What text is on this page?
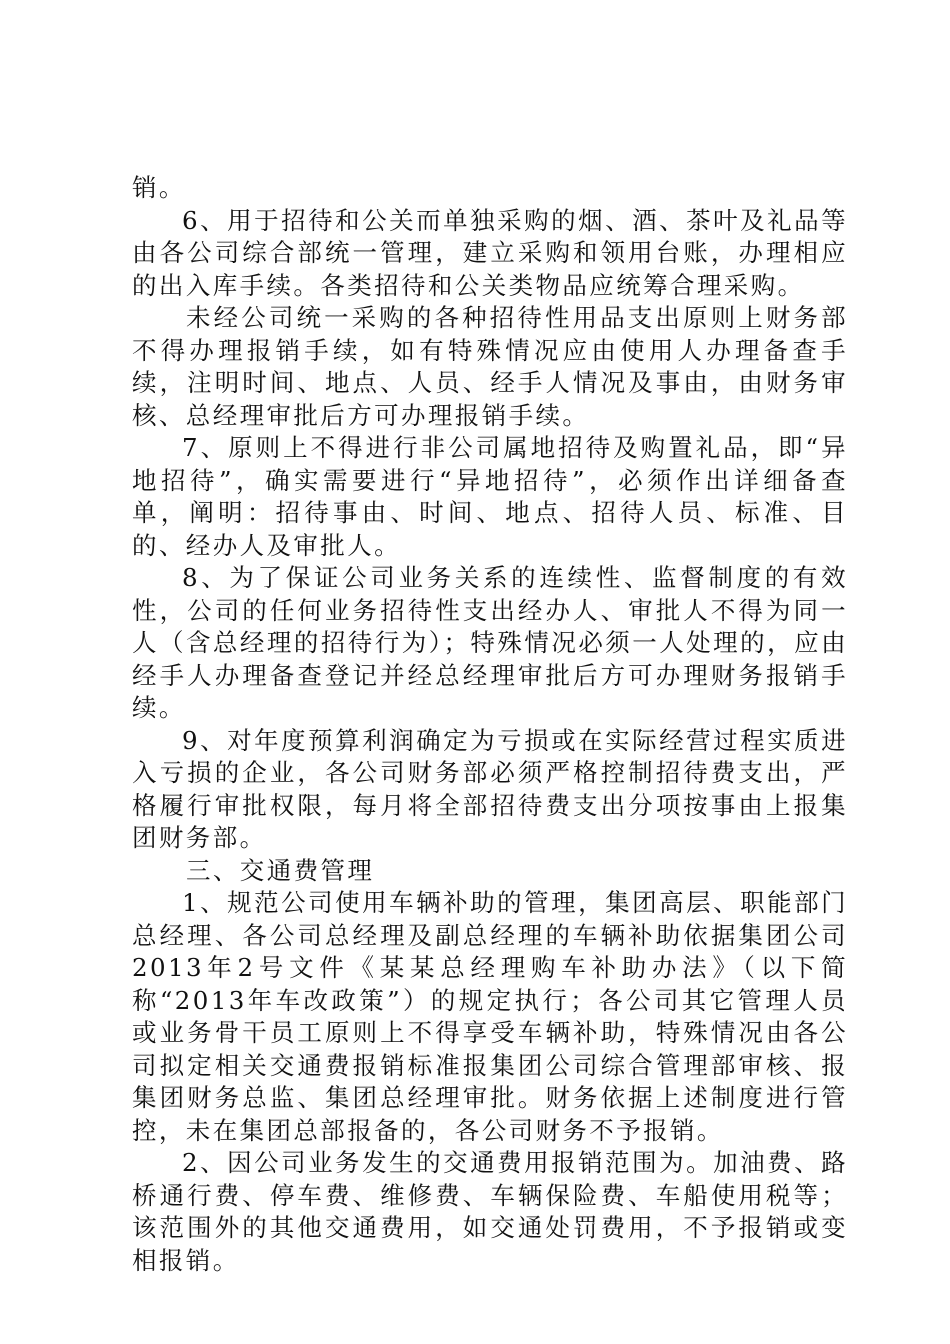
销。

6、用于招待和公关而单独采购的烟、酒、茶叶及礼品等由各公司综合部统一管理，建立采购和领用台账，办理相应的出入库手续。各类招待和公关类物品应统筹合理采购。

未经公司统一采购的各种招待性用品支出原则上财务部不得办理报销手续，如有特殊情况应由使用人办理备查手续，注明时间、地点、人员、经手人情况及事由，由财务审核、总经理审批后方可办理报销手续。

7、原则上不得进行非公司属地招待及购置礼品，即“异地招待”，确实需要进行“异地招待”，必须作出详细备查单，阐明：招待事由、时间、地点、招待人员、标准、目的、经办人及审批人。

8、为了保证公司业务关系的连续性、监督制度的有效性，公司的任何业务招待性支出经办人、审批人不得为同一人（含总经理的招待行为）；特殊情况必须一人处理的，应由经手人办理备查登记并经总经理审批后方可办理财务报销手续。

9、对年度预算利润确定为亏损或在实际经营过程实质进入亏损的企业，各公司财务部必须严格控制招待费支出，严格履行审批权限，每月将全部招待费支出分项按事由上报集团财务部。

三、交通费管理

1、规范公司使用车辆补助的管理，集团高层、职能部门总经理、各公司总经理及副总经理的车辆补助依据集团公司2013年2号文件《某某总经理购车补助办法》（以下简称“2013年车改政策”）的规定执行；各公司其它管理人员或业务骨干员工原则上不得享受车辆补助，特殊情况由各公司拟定相关交通费报销标准报集团公司综合管理部审核、报集团财务总监、集团总经理审批。财务依据上述制度进行管控，未在集团总部报备的，各公司财务不予报销。

2、因公司业务发生的交通费用报销范围为。加油费、路桥通行费、停车费、维修费、车辆保险费、车船使用税等；该范围外的其他交通费用，如交通处罚费用，不予报销或变相报销。
